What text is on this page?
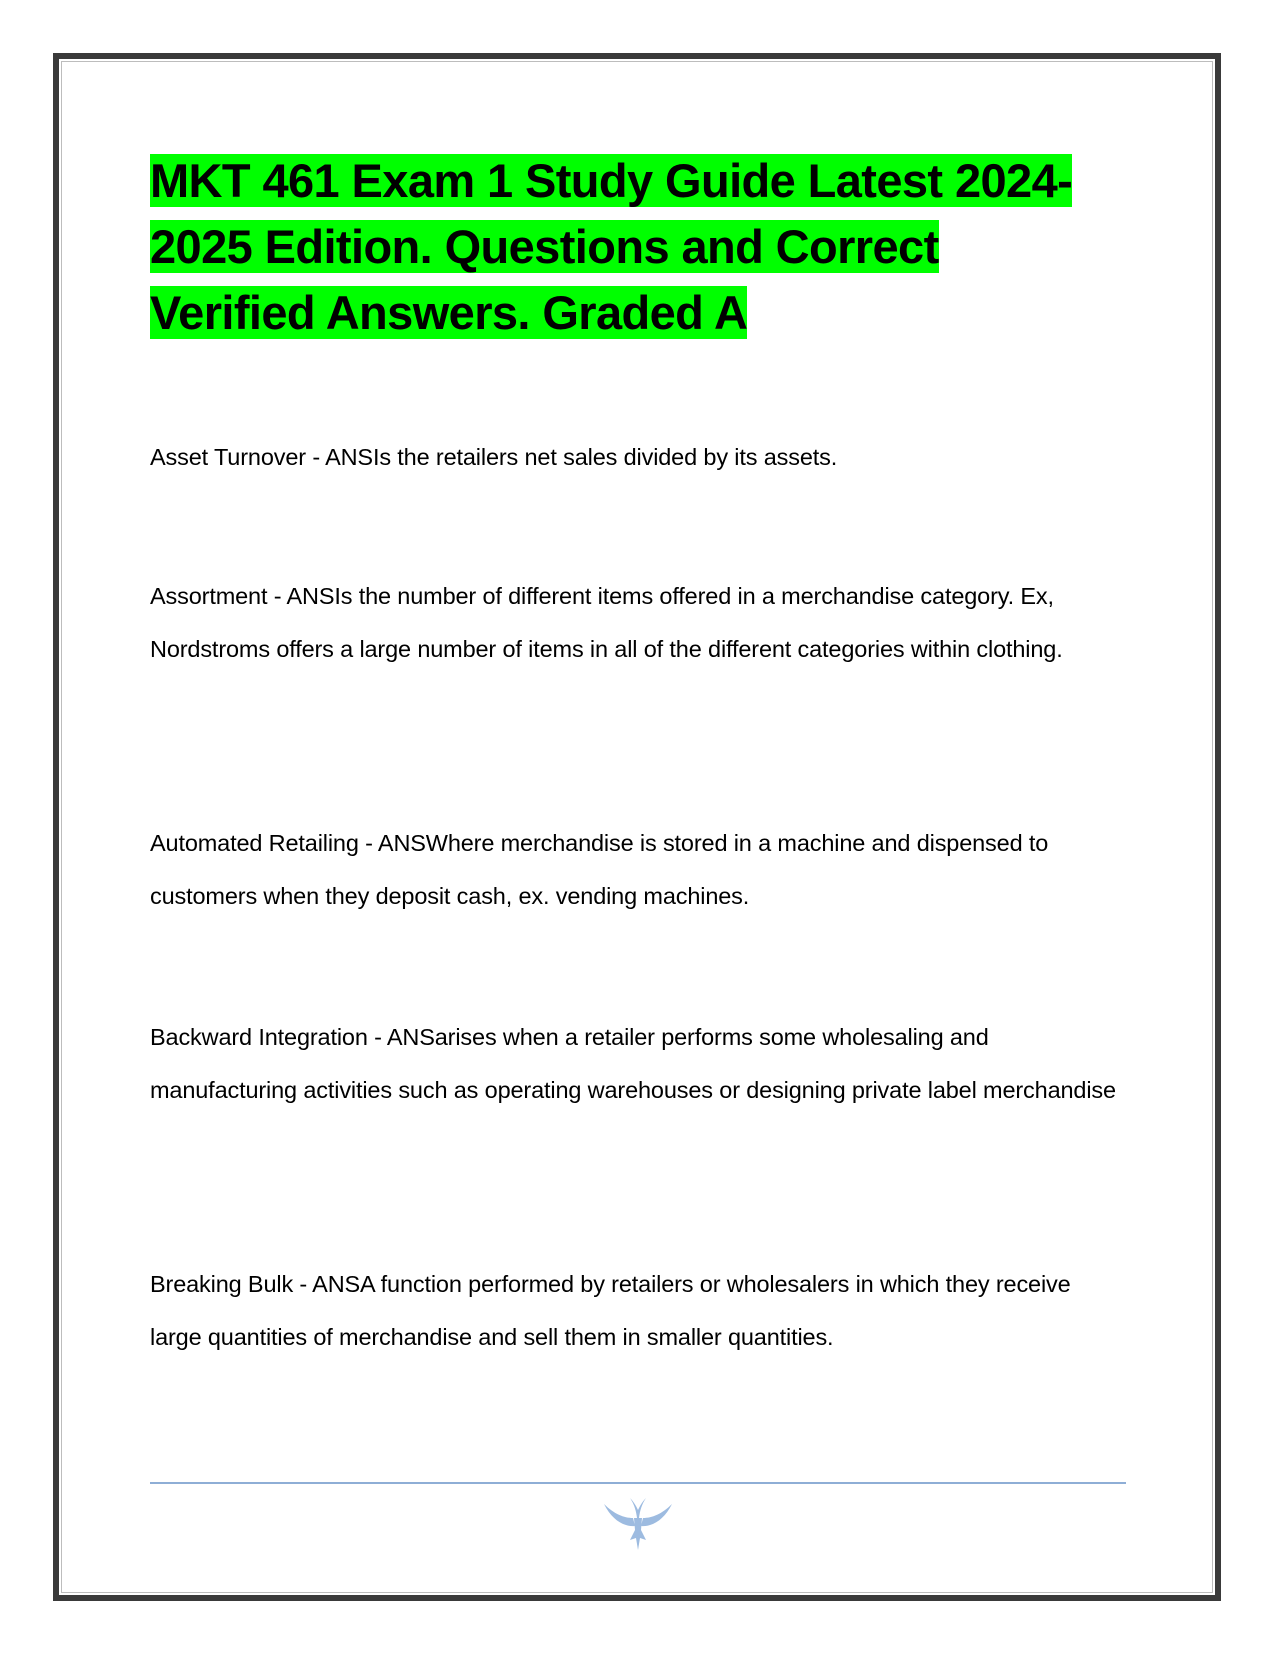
MKT 461 Exam 1 Study Guide Latest 2024-2025 Edition. Questions and Correct Verified Answers. Graded A

Asset Turnover - ANSIs the retailers net sales divided by its assets.

Assortment - ANSIs the number of different items offered in a merchandise category. Ex, Nordstroms offers a large number of items in all of the different categories within clothing.

Automated Retailing - ANSWhere merchandise is stored in a machine and dispensed to customers when they deposit cash, ex. vending machines.

Backward Integration - ANSarises when a retailer performs some wholesaling and manufacturing activities such as operating warehouses or designing private label merchandise

Breaking Bulk - ANSA function performed by retailers or wholesalers in which they receive large quantities of merchandise and sell them in smaller quantities.
